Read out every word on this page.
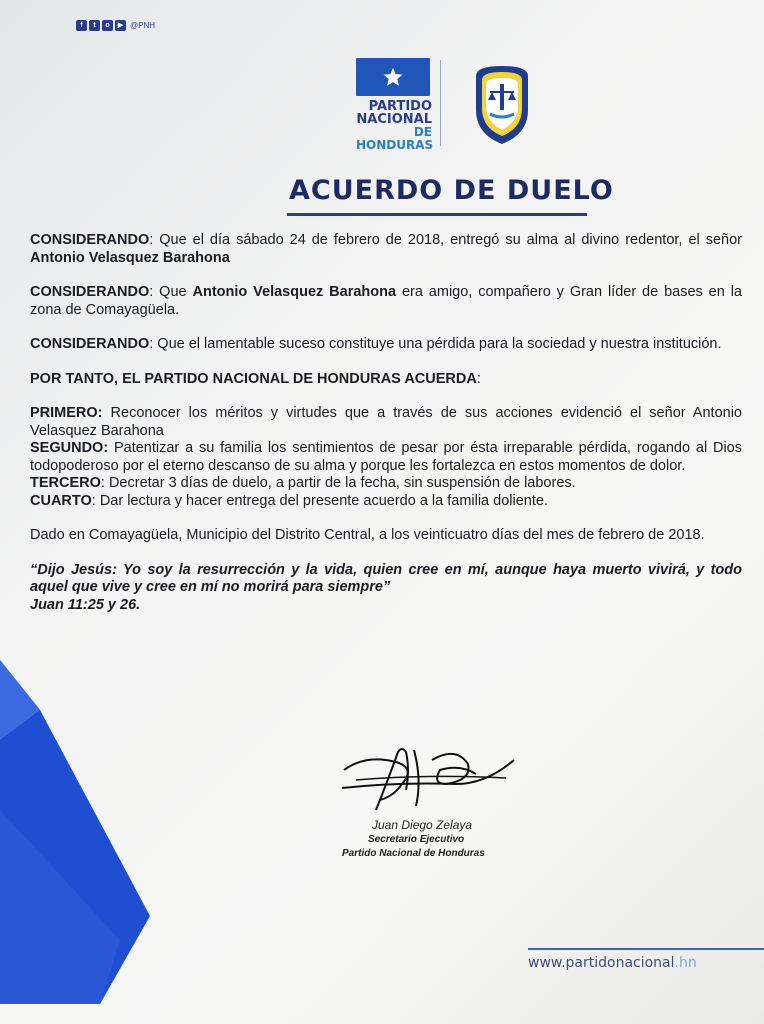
f	t	o	▶ @PNH
PARTIDO
NACIONAL
DE HONDURAS
ACUERDO DE DUELO

CONSIDERANDO: Que el día sábado 24 de febrero de 2018, entregó su alma al divino redentor, el señor Antonio Velasquez Barahona

CONSIDERANDO: Que Antonio Velasquez Barahona era amigo, compañero y Gran líder de bases en la zona de Comayagüela.

CONSIDERANDO: Que el lamentable suceso constituye una pérdida para la sociedad y nuestra institución.

POR TANTO, EL PARTIDO NACIONAL DE HONDURAS ACUERDA:

PRIMERO: Reconocer los méritos y virtudes que a través de sus acciones evidenció el señor Antonio Velasquez Barahona

SEGUNDO: Patentizar a su familia los sentimientos de pesar por ésta irreparable pérdida, rogando al Dios todopoderoso por el eterno descanso de su alma y porque les fortalezca en estos momentos de dolor.

TERCERO: Decretar 3 días de duelo, a partir de la fecha, sin suspensión de labores.

CUARTO: Dar lectura y hacer entrega del presente acuerdo a la familia doliente.

Dado en Comayagüela, Municipio del Distrito Central, a los veinticuatro días del mes de febrero de 2018.

“Dijo Jesús: Yo soy la resurrección y la vida, quien cree en mí, aunque haya muerto vivirá, y todo aquel que vive y cree en mí no morirá para siempre”

Juan 11:25 y 26.

Juan Diego Zelaya
Secretario Ejecutivo
Partido Nacional de Honduras
www.partidonacional.hn
